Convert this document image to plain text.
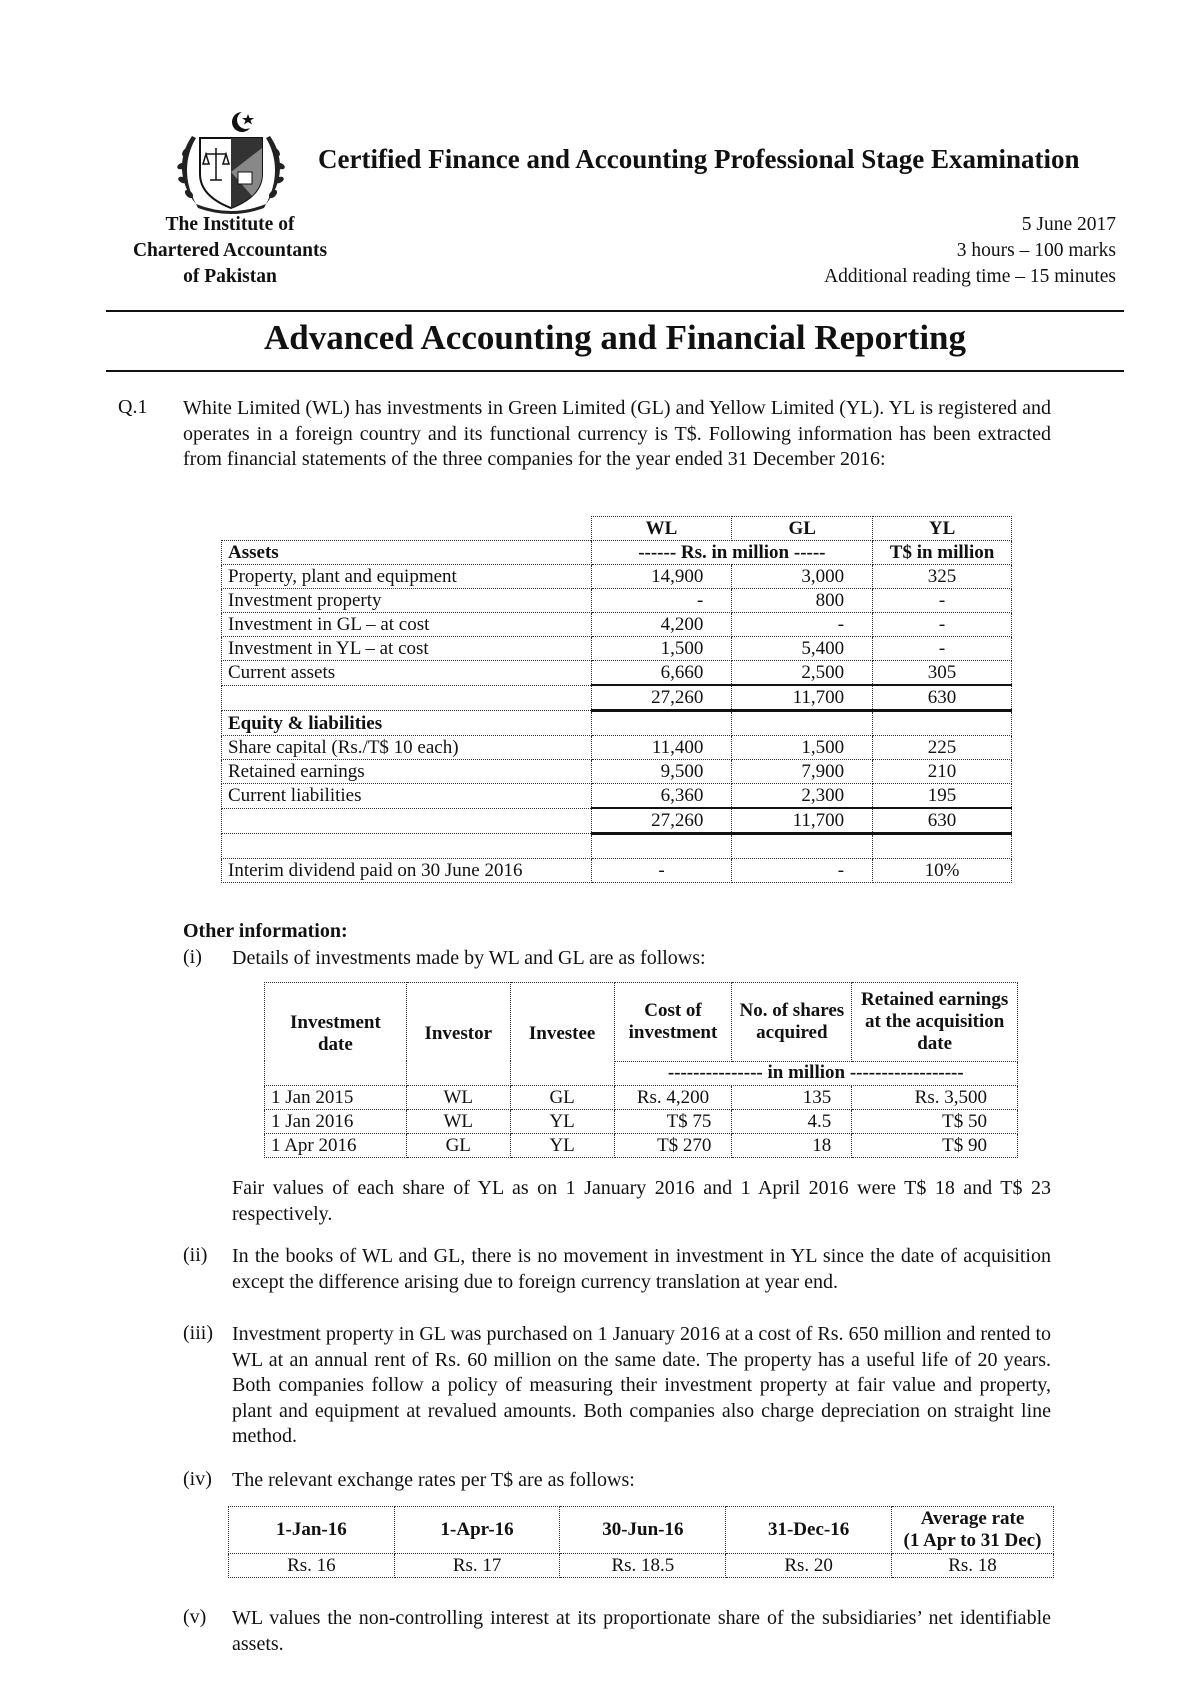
Certified Finance and Accounting Professional Stage Examination
The Institute of
Chartered Accountants
of Pakistan
5 June 2017
3 hours – 100 marks
Additional reading time – 15 minutes
Advanced Accounting and Financial Reporting
Q.1 White Limited (WL) has investments in Green Limited (GL) and Yellow Limited (YL). YL is registered and operates in a foreign country and its functional currency is T$. Following information has been extracted from financial statements of the three companies for the year ended 31 December 2016:
	WL	GL	YL
Assets	------ Rs. in million -----		T$ in million
Property, plant and equipment	14,900	3,000	325
Investment property	-	800	-
Investment in GL – at cost	4,200	-	-
Investment in YL – at cost	1,500	5,400	-
Current assets	6,660	2,500	305
	27,260	11,700	630
Equity & liabilities			
Share capital (Rs./T$ 10 each)	11,400	1,500	225
Retained earnings	9,500	7,900	210
Current liabilities	6,360	2,300	195
	27,260	11,700	630

Interim dividend paid on 30 June 2016	-	-	10%
Other information:
(i) Details of investments made by WL and GL are as follows:
Investment date	Investor	Investee	Cost of investment	No. of shares acquired	Retained earnings at the acquisition date
			--------------- in million ------------------		
1 Jan 2015	WL	GL	Rs. 4,200	135	Rs. 3,500
1 Jan 2016	WL	YL	T$ 75	4.5	T$ 50
1 Apr 2016	GL	YL	T$ 270	18	T$ 90
Fair values of each share of YL as on 1 January 2016 and 1 April 2016 were T$ 18 and T$ 23 respectively.
(ii) In the books of WL and GL, there is no movement in investment in YL since the date of acquisition except the difference arising due to foreign currency translation at year end.
(iii) Investment property in GL was purchased on 1 January 2016 at a cost of Rs. 650 million and rented to WL at an annual rent of Rs. 60 million on the same date. The property has a useful life of 20 years. Both companies follow a policy of measuring their investment property at fair value and property, plant and equipment at revalued amounts. Both companies also charge depreciation on straight line method.
(iv) The relevant exchange rates per T$ are as follows:
1-Jan-16	1-Apr-16	30-Jun-16	31-Dec-16	Average rate
(1 Apr to 31 Dec)

Rs. 16	Rs. 17	Rs. 18.5	Rs. 20	Rs. 18
(v) WL values the non-controlling interest at its proportionate share of the subsidiaries’ net identifiable assets.
